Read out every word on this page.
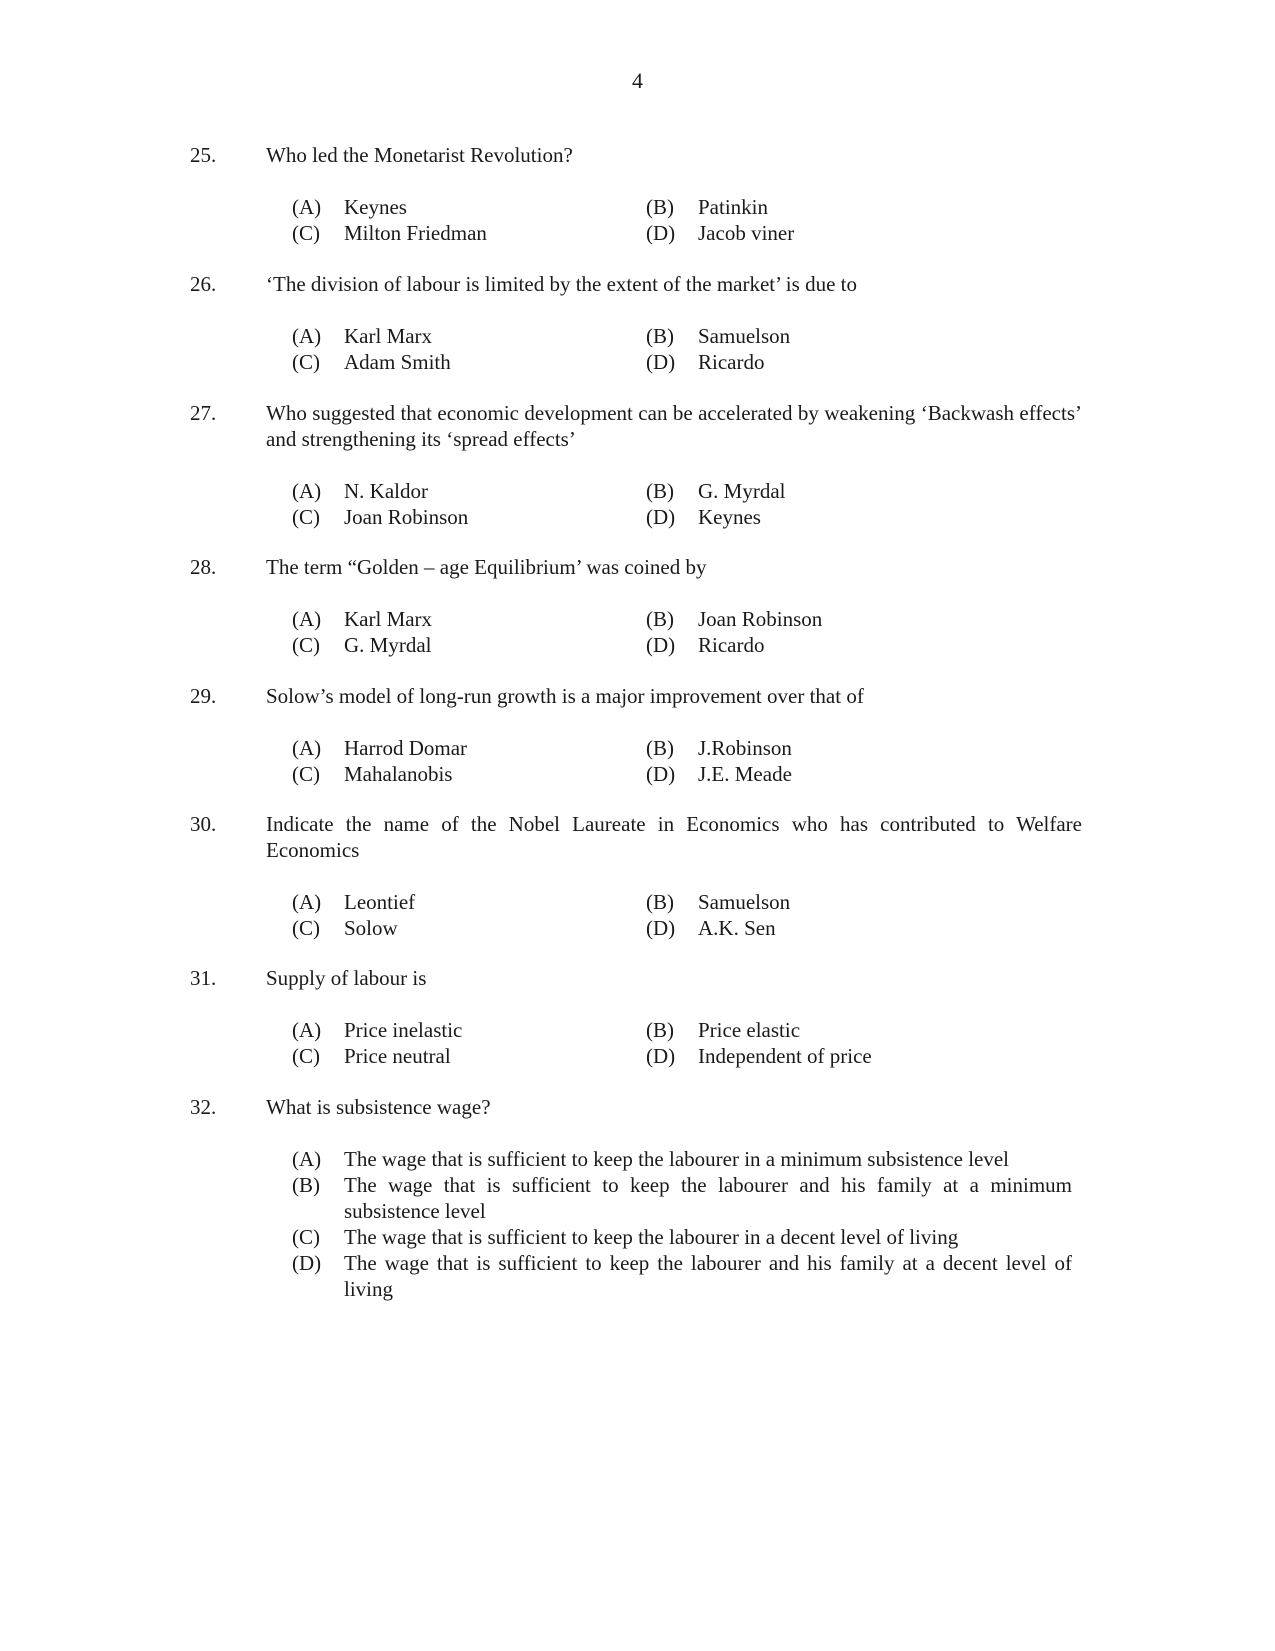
4
25.	Who led the Monetarist Revolution?
(A)	Keynes	(B)	Patinkin
(C)	Milton Friedman	(D)	Jacob viner
26.	‘The division of labour is limited by the extent of the market’ is due to
(A)	Karl Marx	(B)	Samuelson
(C)	Adam Smith	(D)	Ricardo
27.	Who suggested that economic development can be accelerated by weakening ‘Backwash effects’ and strengthening its ‘spread effects’
(A)	N. Kaldor	(B)	G. Myrdal
(C)	Joan Robinson	(D)	Keynes
28.	The term “Golden – age Equilibrium’ was coined by
(A)	Karl Marx	(B)	Joan Robinson
(C)	G. Myrdal	(D)	Ricardo
29.	Solow’s model of long-run growth is a major improvement over that of
(A)	Harrod Domar	(B)	J.Robinson
(C)	Mahalanobis	(D)	J.E. Meade
30.	Indicate the name of the Nobel Laureate in Economics who has contributed to Welfare Economics
(A)	Leontief	(B)	Samuelson
(C)	Solow	(D)	A.K. Sen
31.	Supply of labour is
(A)	Price inelastic	(B)	Price elastic
(C)	Price neutral	(D)	Independent of price
32.	What is subsistence wage?
(A)	The wage that is sufficient to keep the labourer in a minimum subsistence level
(B)	The wage that is sufficient to keep the labourer and his family at a minimum subsistence level
(C)	The wage that is sufficient to keep the labourer in a decent level of living
(D)	The wage that is sufficient to keep the labourer and his family at a decent level of living
